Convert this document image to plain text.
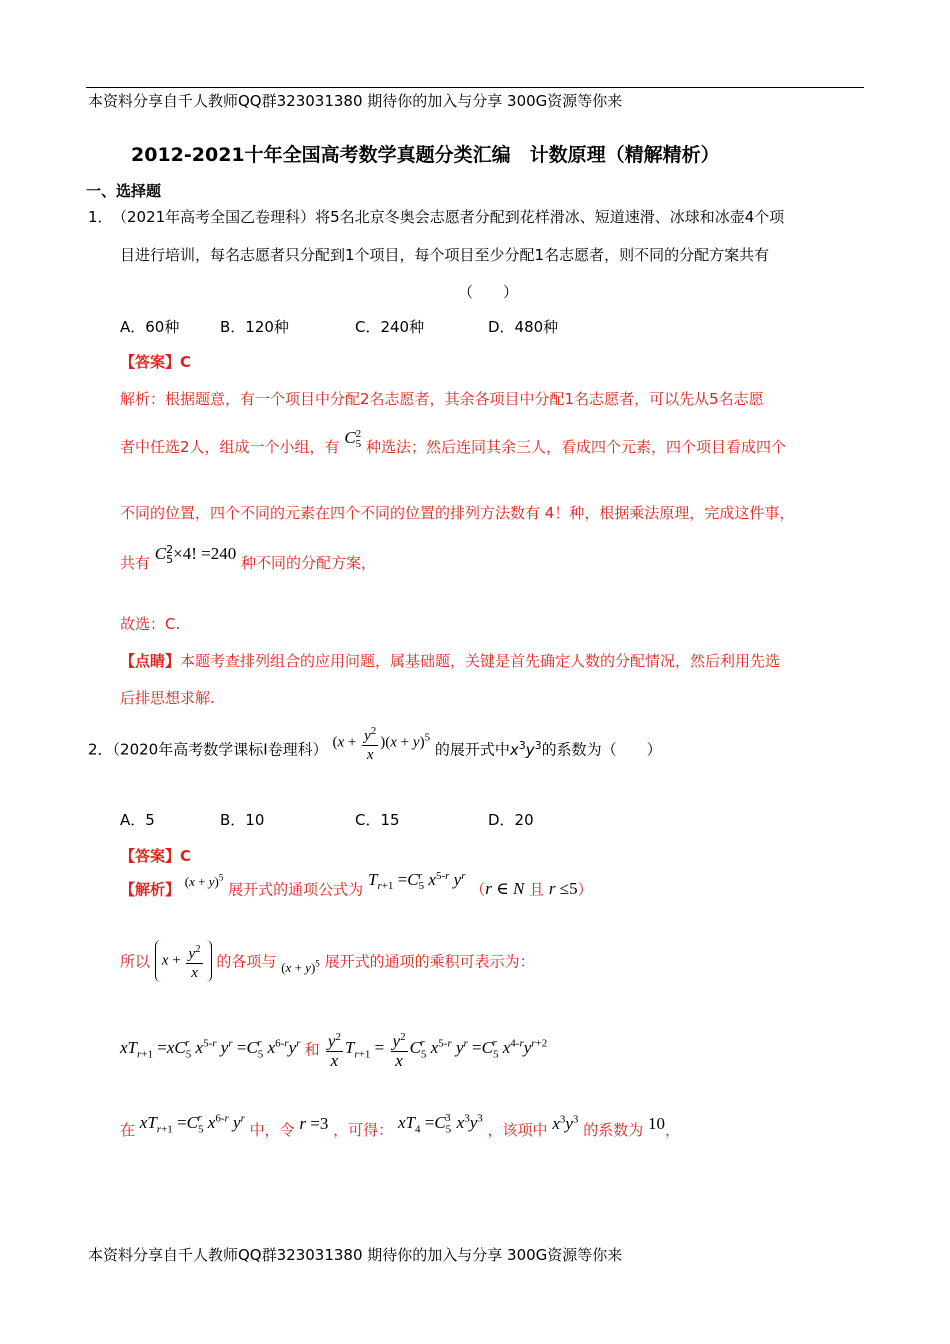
本资料分享自千人教师QQ群323031380 期待你的加入与分享 300G资源等你来
2012-2021十年全国高考数学真题分类汇编　计数原理（精解精析）
一、选择题
1． （2021年高考全国乙卷理科）将5名北京冬奥会志愿者分配到花样滑冰、短道速滑、冰球和冰壶4个项
目进行培训，每名志愿者只分配到1个项目，每个项目至少分配1名志愿者，则不同的分配方案共有
（　　）
A．60种	B．120种	C．240种	D．480种
【答案】C
解析：根据题意，有一个项目中分配2名志愿者，其余各项目中分配1名志愿者，可以先从5名志愿
者中任选2人，组成一个小组，有 C 2
5 种选法；然后连同其余三人，看成四个元素，四个项目看成四个
不同的位置，四个不同的元素在四个不同的位置的排列方法数有 4！种，根据乘法原理，完成这件事，
共有 C 2
5 ×4! =240 种不同的分配方案，
故选：C.
【点睛】本题考查排列组合的应用问题，属基础题，关键是首先确定人数的分配情况，然后利用先选
后排思想求解.
2．（2020年高考数学课标Ⅰ卷理科） $(x + \frac{y^2}{x} )(x + y)^5$ 的展开式中$x^3y^3$的系数为（　　）
A．5	B．10	C．15	D．20
【答案】C
【解析】 $(x + y)^5$ 展开式的通项公式为 $T_{r+1} =C_5^r$ $x^{5-r}$ $y^r$ （r ∈ N 且 r ≤5）
所以 $x + \frac{y^2}{x}$ 的各项与 $(x + y)^5$ 展开式的通项的乘积可表示为：
$xT_{r+1} =xC_5^r$ $x^{5-r}$ $y^r =C_5^r$ $x^{6-r}y^r$ 和 $\frac{y^2}{x} T_{r+1} = \frac{y^2}{x} C_5^r$ $x^{5-r}$ $y^r =C_5^r$ $x^{4-r}y^{r+2}$
在 $xT_{r+1} =C_5^r$ $x^{6-r}$ $y^r$ 中，令 r =3 ，可得： $xT_4 =C_5^3$ $x^3y^3$ ，该项中 $x^3y^3$ 的系数为 10，
本资料分享自千人教师QQ群323031380 期待你的加入与分享 300G资源等你来
